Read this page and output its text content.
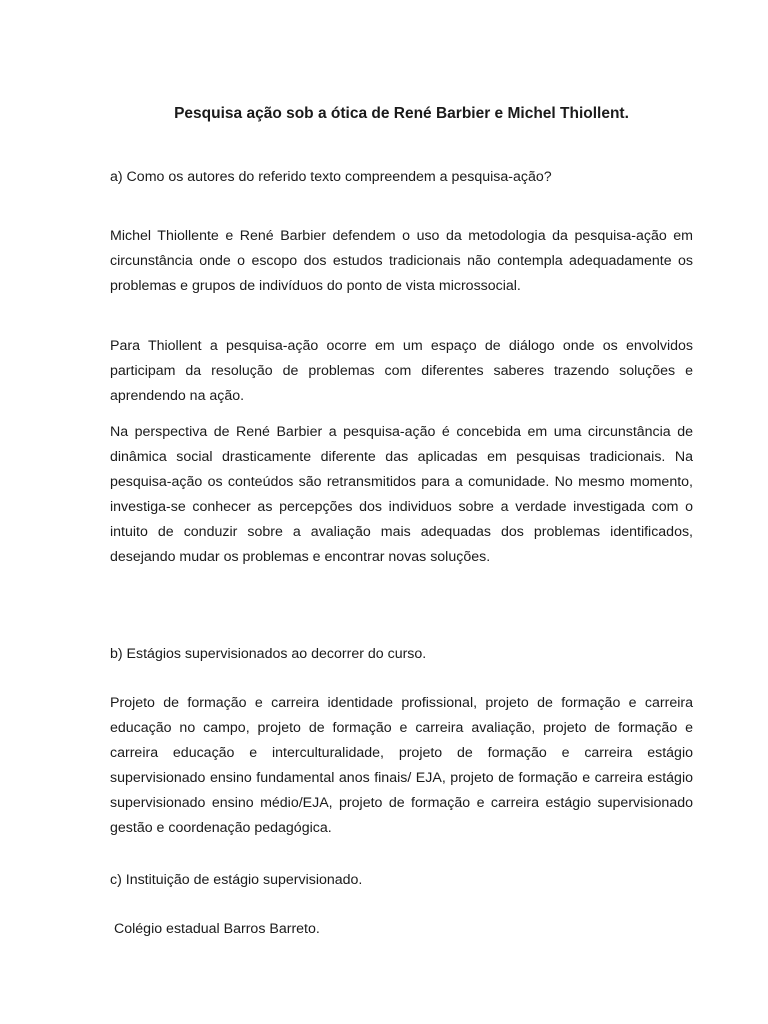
Pesquisa ação sob a ótica de René Barbier e Michel Thiollent.
a) Como os autores do referido texto compreendem a pesquisa-ação?
Michel Thiollente e René Barbier defendem o uso da metodologia da pesquisa-ação em circunstância onde o escopo dos estudos tradicionais não contempla adequadamente os problemas e grupos de indivíduos do ponto de vista microssocial.
Para Thiollent a pesquisa-ação ocorre em um espaço de diálogo onde os envolvidos participam da resolução de problemas com diferentes saberes trazendo soluções e aprendendo na ação.
Na perspectiva de René Barbier a pesquisa-ação é concebida em uma circunstância de dinâmica social drasticamente diferente das aplicadas em pesquisas tradicionais. Na pesquisa-ação os conteúdos são retransmitidos para a comunidade. No mesmo momento, investiga-se conhecer as percepções dos individuos sobre a verdade investigada com o intuito de conduzir sobre a avaliação mais adequadas dos problemas identificados, desejando mudar os problemas e encontrar novas soluções.
b) Estágios supervisionados ao decorrer do curso.
Projeto de formação e carreira identidade profissional, projeto de formação e carreira educação no campo, projeto de formação e carreira avaliação, projeto de formação e carreira educação e interculturalidade, projeto de formação e carreira estágio supervisionado ensino fundamental anos finais/ EJA, projeto de formação e carreira estágio supervisionado ensino médio/EJA, projeto de formação e carreira estágio supervisionado gestão e coordenação pedagógica.
c) Instituição de estágio supervisionado.
Colégio estadual Barros Barreto.
